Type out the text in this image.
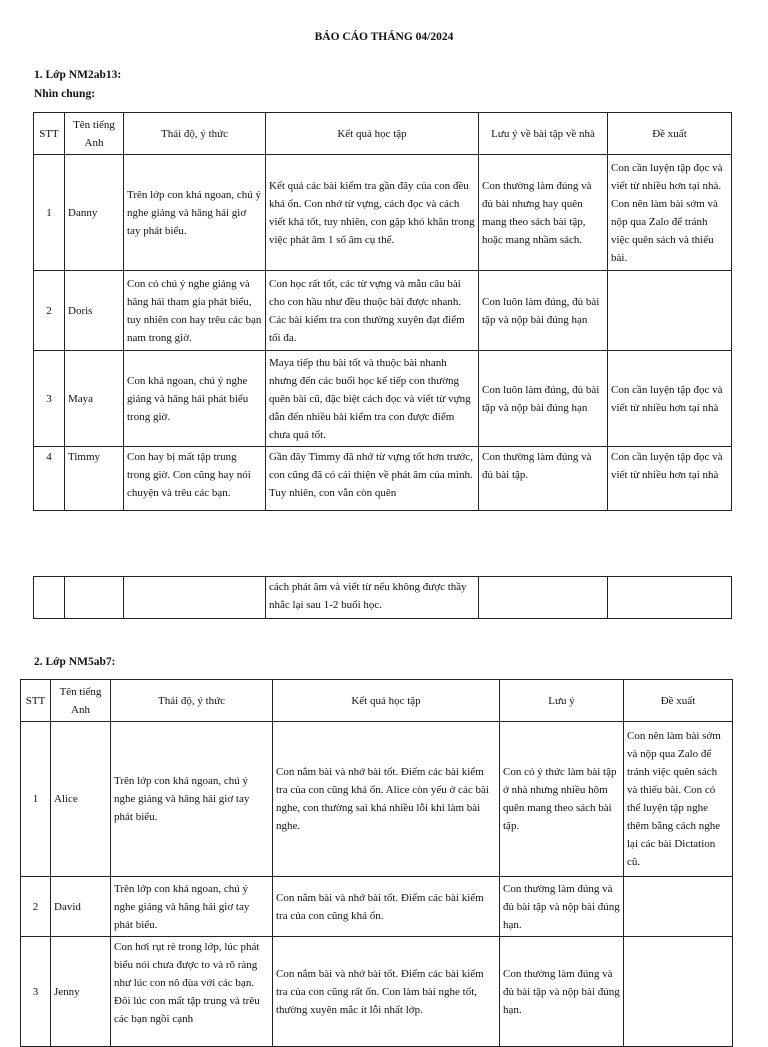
BÁO CÁO THÁNG 04/2024
1. Lớp NM2ab13:
Nhìn chung:
STT	Tên tiếng Anh	Thái độ, ý thức	Kết quả học tập	Lưu ý về bài tập về nhà	Đề xuất
1	Danny	Trên lớp con khá ngoan, chú ý nghe giảng và hăng hái giơ tay phát biểu.	Kết quả các bài kiểm tra gần đây của con đều khá ổn. Con nhớ từ vựng, cách đọc và cách viết khá tốt, tuy nhiên, con gặp khó khăn trong việc phát âm 1 số âm cụ thể.	Con thường làm đúng và đủ bài nhưng hay quên mang theo sách bài tập, hoặc mang nhầm sách.	Con cần luyện tập đọc và viết từ nhiều hơn tại nhà. Con nên làm bài sớm và nộp qua Zalo để tránh việc quên sách và thiếu bài.
2	Doris	Con có chú ý nghe giảng và hăng hái tham gia phát biểu, tuy nhiên con hay trêu các bạn nam trong giờ.	Con học rất tốt, các từ vựng và mẫu câu bài cho con hầu như đều thuộc bài được nhanh. Các bài kiểm tra con thường xuyên đạt điểm tối đa.	Con luôn làm đúng, đủ bài tập và nộp bài đúng hạn	
3	Maya	Con khá ngoan, chú ý nghe giảng và hăng hái phát biểu trong giờ.	Maya tiếp thu bài tốt và thuộc bài nhanh nhưng đến các buổi học kế tiếp con thường quên bài cũ, đặc biệt cách đọc và viết từ vựng dẫn đến nhiều bài kiểm tra con được điểm chưa quá tốt.	Con luôn làm đúng, đủ bài tập và nộp bài đúng hạn	Con cần luyện tập đọc và viết từ nhiều hơn tại nhà
4	Timmy	Con hay bị mất tập trung trong giờ. Con cũng hay nói chuyện và trêu các bạn.	Gần đây Timmy đã nhớ từ vựng tốt hơn trước, con cũng đã có cải thiện về phát âm của mình. Tuy nhiên, con vẫn còn quên	Con thường làm đúng và đủ bài tập.	Con cần luyện tập đọc và viết từ nhiều hơn tại nhà
			cách phát âm và viết từ nếu không được thầy nhắc lại sau 1-2 buổi học.		
2. Lớp NM5ab7:
STT	Tên tiếng Anh	Thái độ, ý thức	Kết quả học tập	Lưu ý	Đề xuất
1	Alice	Trên lớp con khá ngoan, chú ý nghe giảng và hăng hái giơ tay phát biểu.	Con nắm bài và nhớ bài tốt. Điểm các bài kiểm tra của con cũng khá ổn. Alice còn yếu ở các bài nghe, con thường sai khá nhiều lỗi khi làm bài nghe.	Con có ý thức làm bài tập ở nhà nhưng nhiều hôm quên mang theo sách bài tập.	Con nên làm bài sớm và nộp qua Zalo để tránh việc quên sách và thiếu bài. Con có thể luyện tập nghe thêm bằng cách nghe lại các bài Dictation cũ.
2	David	Trên lớp con khá ngoan, chú ý nghe giảng và hăng hái giơ tay phát biểu.	Con nắm bài và nhớ bài tốt. Điểm các bài kiểm tra của con cũng khá ổn.	Con thường làm đúng và đủ bài tập và nộp bài đúng hạn.	
3	Jenny	Con hơi rụt rè trong lớp, lúc phát biểu nói chưa được to và rõ ràng như lúc con nô đùa với các bạn. Đôi lúc con mất tập trung và trêu các bạn ngồi cạnh	Con nắm bài và nhớ bài tốt. Điểm các bài kiểm tra của con cũng rất ổn. Con làm bài nghe tốt, thường xuyên mắc ít lỗi nhất lớp.	Con thường làm đúng và đủ bài tập và nộp bài đúng hạn.	
